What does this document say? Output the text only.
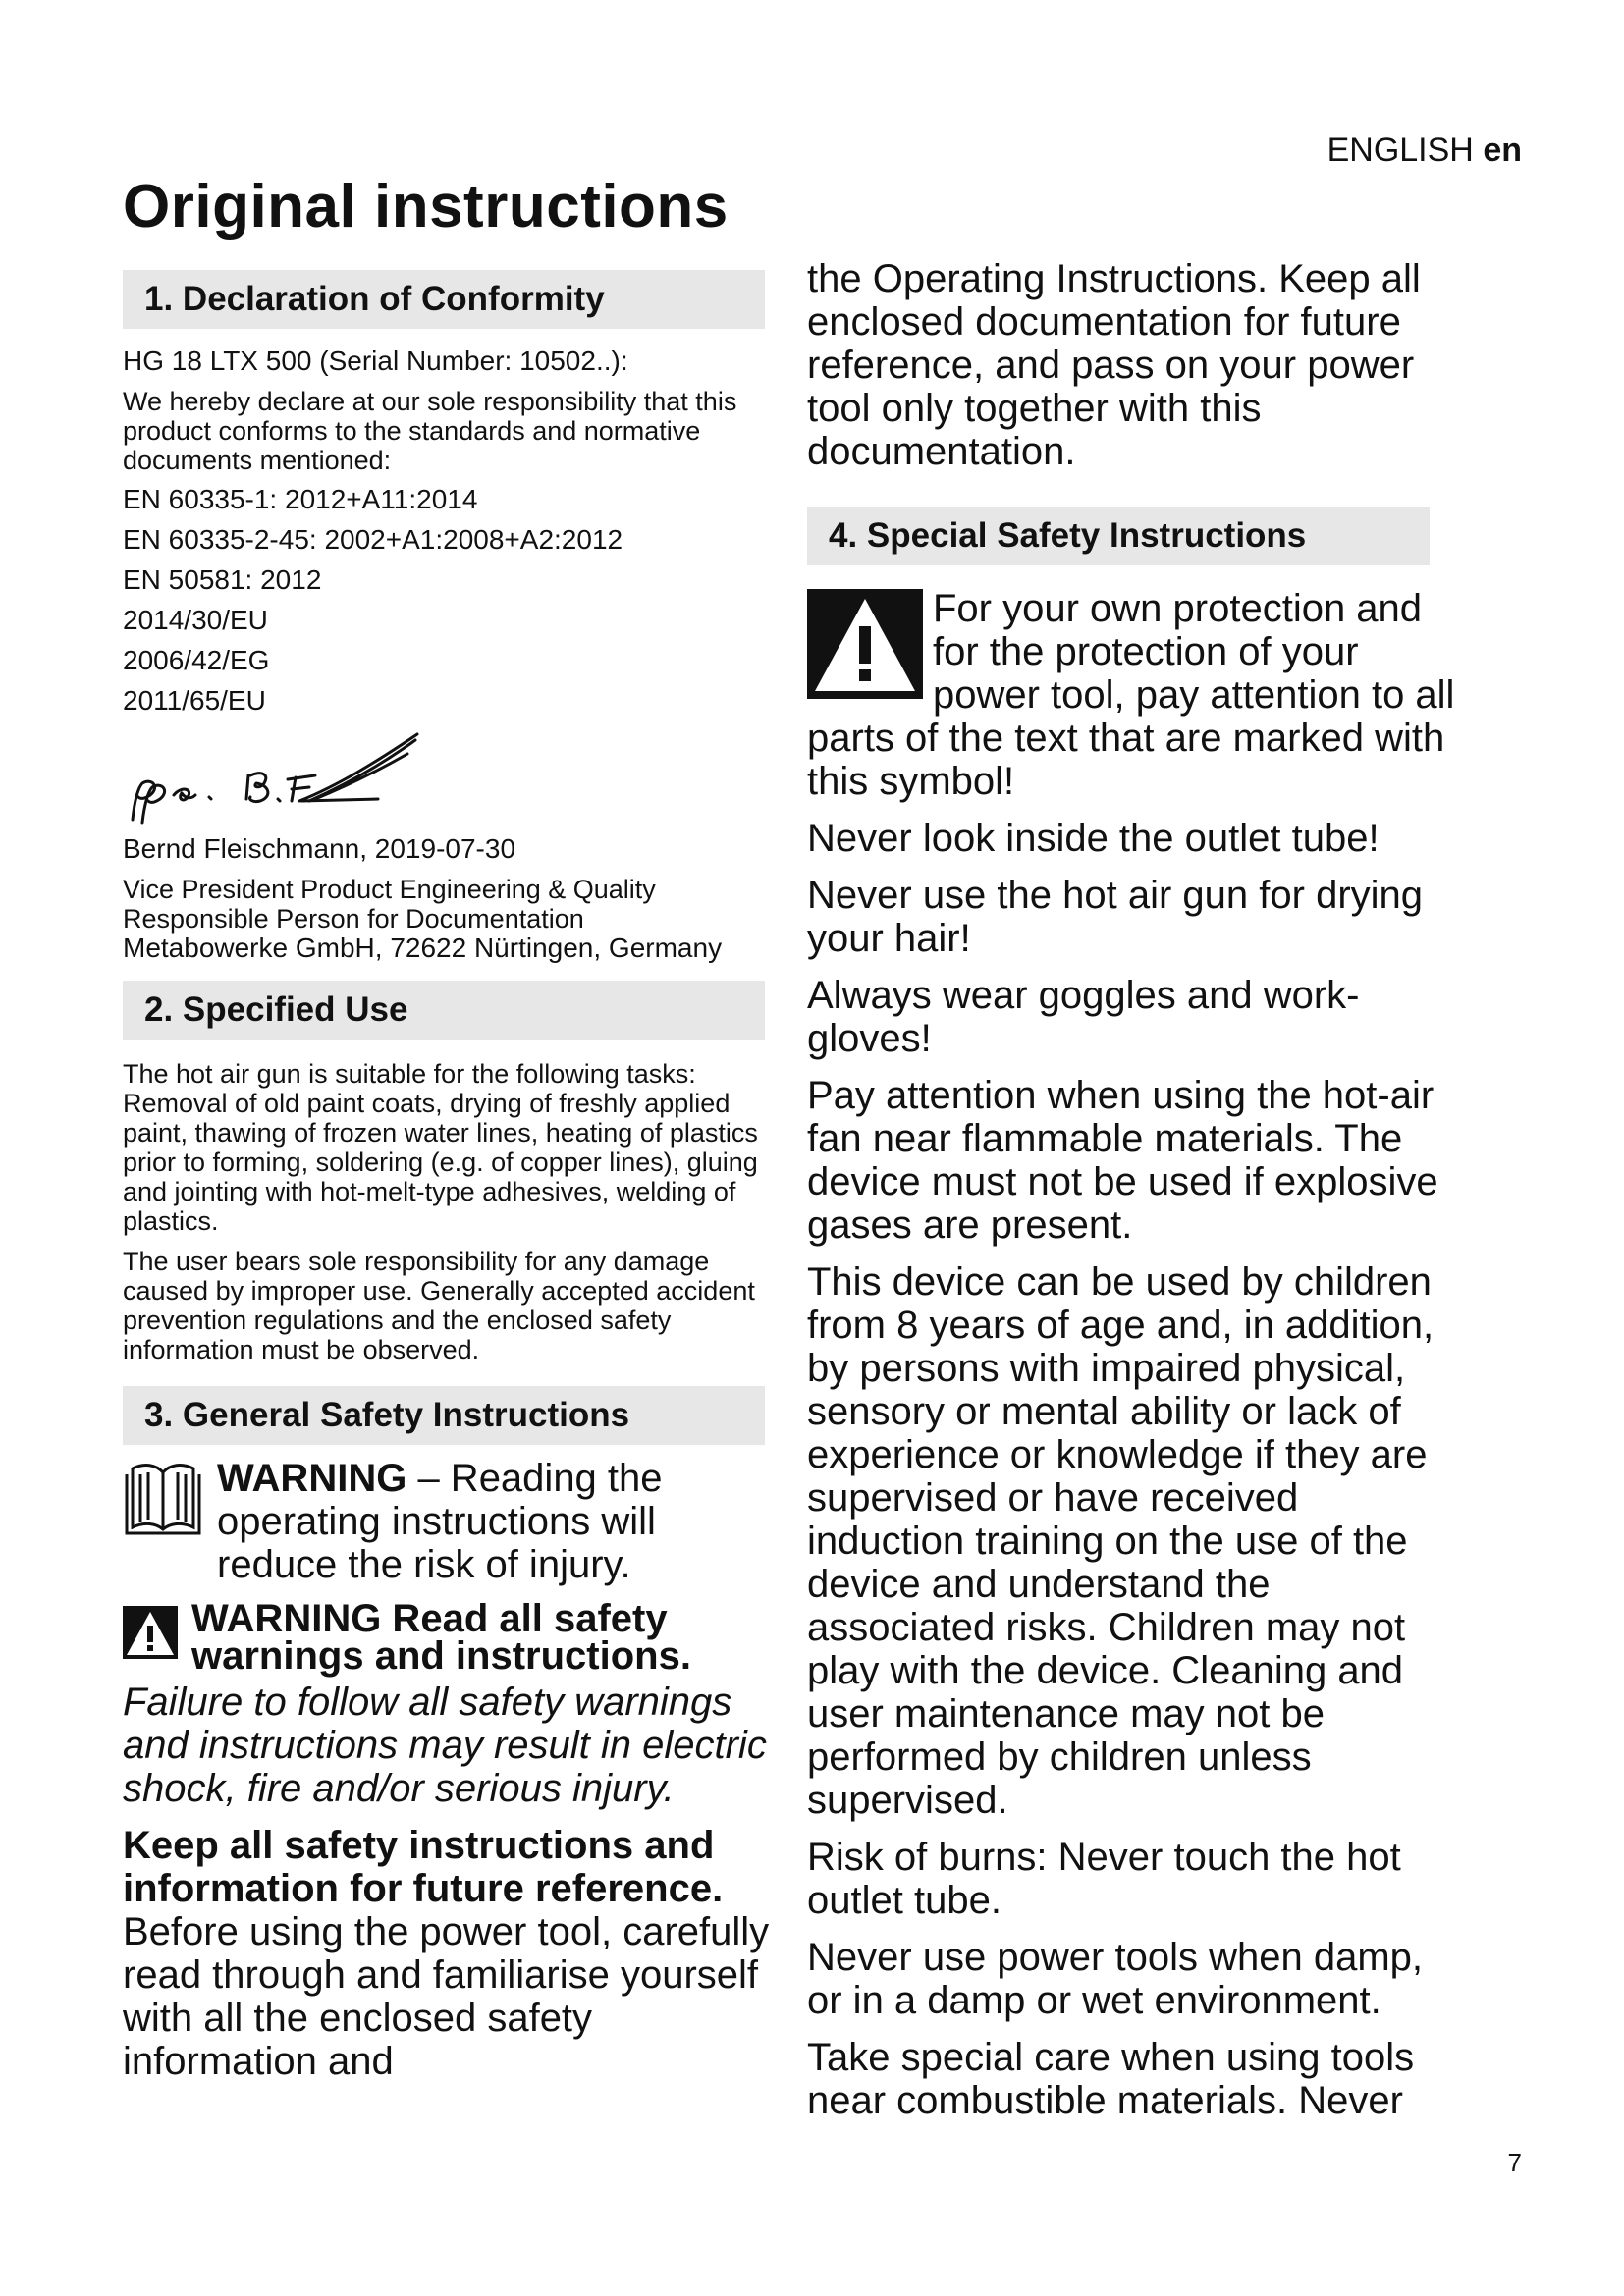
ENGLISH en
Original instructions
1. Declaration of Conformity

HG 18 LTX 500 (Serial Number: 10502..):

We hereby declare at our sole responsibility that this product conforms to the standards and normative documents mentioned:

EN 60335-1: 2012+A11:2014

EN 60335-2-45: 2002+A1:2008+A2:2012

EN 50581: 2012

2014/30/EU

2006/42/EG

2011/65/EU

Bernd Fleischmann, 2019-07-30

Vice President Product Engineering & Quality

Responsible Person for Documentation

Metabowerke GmbH, 72622 Nürtingen, Germany

2. Specified Use

The hot air gun is suitable for the following tasks: Removal of old paint coats, drying of freshly applied paint, thawing of frozen water lines, heating of plastics prior to forming, soldering (e.g. of copper lines), gluing and jointing with hot-melt-type adhesives, welding of plastics.

The user bears sole responsibility for any damage caused by improper use. Generally accepted accident prevention regulations and the enclosed safety information must be observed.

3. General Safety Instructions
WARNING – Reading the operating instructions will reduce the risk of injury.

WARNING Read all safety warnings and instructions.

Failure to follow all safety warnings and instructions may result in electric shock, fire and/or serious injury.

Keep all safety instructions and information for future reference. Before using the power tool, carefully read through and familiarise yourself with all the enclosed safety information and

the Operating Instructions. Keep all enclosed documentation for future reference, and pass on your power tool only together with this documentation.

4. Special Safety Instructions
For your own protection and for the protection of your power tool, pay attention to all parts of the text that are marked with this symbol!

Never look inside the outlet tube!

Never use the hot air gun for drying your hair!

Always wear goggles and work-gloves!

Pay attention when using the hot-air fan near flammable materials. The device must not be used if explosive gases are present.

This device can be used by children from 8 years of age and, in addition, by persons with impaired physical, sensory or mental ability or lack of experience or knowledge if they are supervised or have received induction training on the use of the device and understand the associated risks. Children may not play with the device. Cleaning and user maintenance may not be performed by children unless supervised.

Risk of burns: Never touch the hot outlet tube.

Never use power tools when damp, or in a damp or wet environment.

Take special care when using tools near combustible materials. Never

7
